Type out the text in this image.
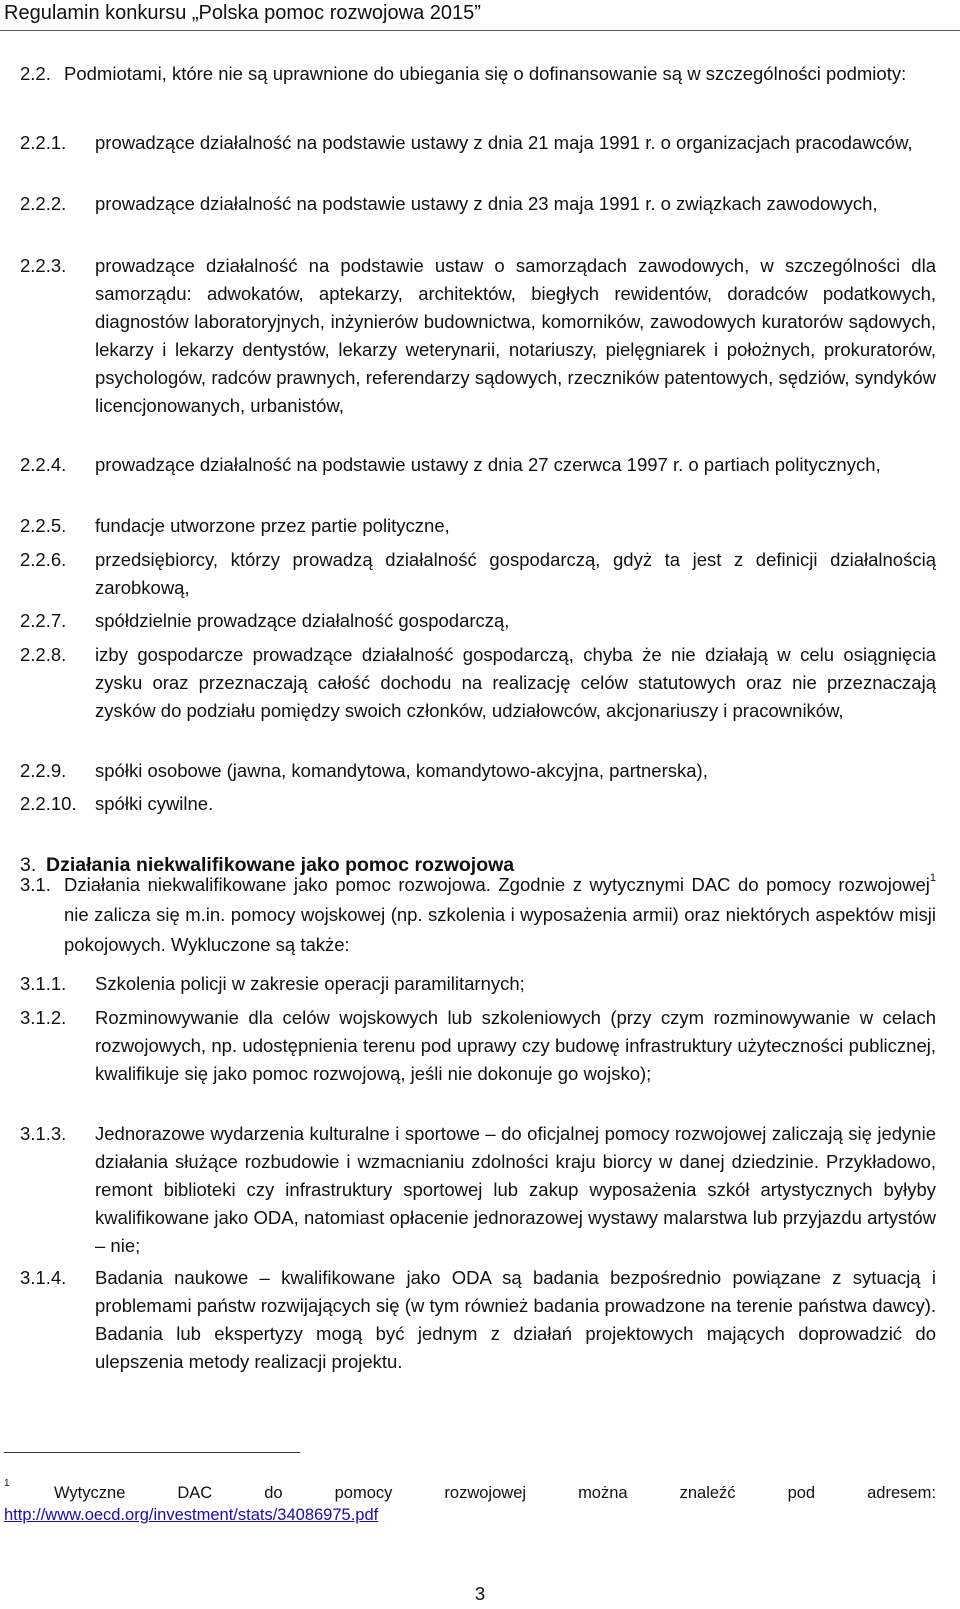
Regulamin konkursu „Polska pomoc rozwojowa 2015”
2.2. Podmiotami, które nie są uprawnione do ubiegania się o dofinansowanie są w szczególności podmioty:
2.2.1.	prowadzące działalność na podstawie ustawy z dnia 21 maja 1991 r. o organizacjach pracodawców,
2.2.2.	prowadzące działalność na podstawie ustawy z dnia 23 maja 1991 r. o związkach zawodowych,
2.2.3.	prowadzące działalność na podstawie ustaw o samorządach zawodowych, w szczególności dla samorządu: adwokatów, aptekarzy, architektów, biegłych rewidentów, doradców podatkowych, diagnostów laboratoryjnych, inżynierów budownictwa, komorników, zawodowych kuratorów sądowych, lekarzy i lekarzy dentystów, lekarzy weterynarii, notariuszy, pielęgniarek i położnych, prokuratorów, psychologów, radców prawnych, referendarzy sądowych, rzeczników patentowych, sędziów, syndyków licencjonowanych, urbanistów,
2.2.4.	prowadzące działalność na podstawie ustawy z dnia 27 czerwca 1997 r. o partiach politycznych,
2.2.5.	fundacje utworzone przez partie polityczne,
2.2.6.	przedsiębiorcy, którzy prowadzą działalność gospodarczą, gdyż ta jest z definicji działalnością zarobkową,
2.2.7.	spółdzielnie prowadzące działalność gospodarczą,
2.2.8.	izby gospodarcze prowadzące działalność gospodarczą, chyba że nie działają w celu osiągnięcia zysku oraz przeznaczają całość dochodu na realizację celów statutowych oraz nie przeznaczają zysków do podziału pomiędzy swoich członków, udziałowców, akcjonariuszy i pracowników,
2.2.9.	spółki osobowe (jawna, komandytowa, komandytowo-akcyjna, partnerska),
2.2.10. spółki cywilne.
3. Działania niekwalifikowane jako pomoc rozwojowa
3.1. Działania niekwalifikowane jako pomoc rozwojowa. Zgodnie z wytycznymi DAC do pomocy rozwojowej$^1$ nie zalicza się m.in. pomocy wojskowej (np. szkolenia i wyposażenia armii) oraz niektórych aspektów misji pokojowych. Wykluczone są także:
3.1.1.	Szkolenia policji w zakresie operacji paramilitarnych;
3.1.2.	Rozminowywanie dla celów wojskowych lub szkoleniowych (przy czym rozminowywanie w celach rozwojowych, np. udostępnienia terenu pod uprawy czy budowę infrastruktury użyteczności publicznej, kwalifikuje się jako pomoc rozwojową, jeśli nie dokonuje go wojsko);
3.1.3.	Jednorazowe wydarzenia kulturalne i sportowe – do oficjalnej pomocy rozwojowej zaliczają się jedynie działania służące rozbudowie i wzmacnianiu zdolności kraju biorcy w danej dziedzinie. Przykładowo, remont biblioteki czy infrastruktury sportowej lub zakup wyposażenia szkół artystycznych byłyby kwalifikowane jako ODA, natomiast opłacenie jednorazowej wystawy malarstwa lub przyjazdu artystów – nie;
3.1.4.	Badania naukowe – kwalifikowane jako ODA są badania bezpośrednio powiązane z sytuacją i problemami państw rozwijających się (w tym również badania prowadzone na terenie państwa dawcy). Badania lub ekspertyzy mogą być jednym z działań projektowych mających doprowadzić do ulepszenia metody realizacji projektu.
1
Wytyczne	DAC	do	pomocy	rozwojowej	można	znaleźć	pod	adresem:
http://www.oecd.org/investment/stats/34086975.pdf
3
